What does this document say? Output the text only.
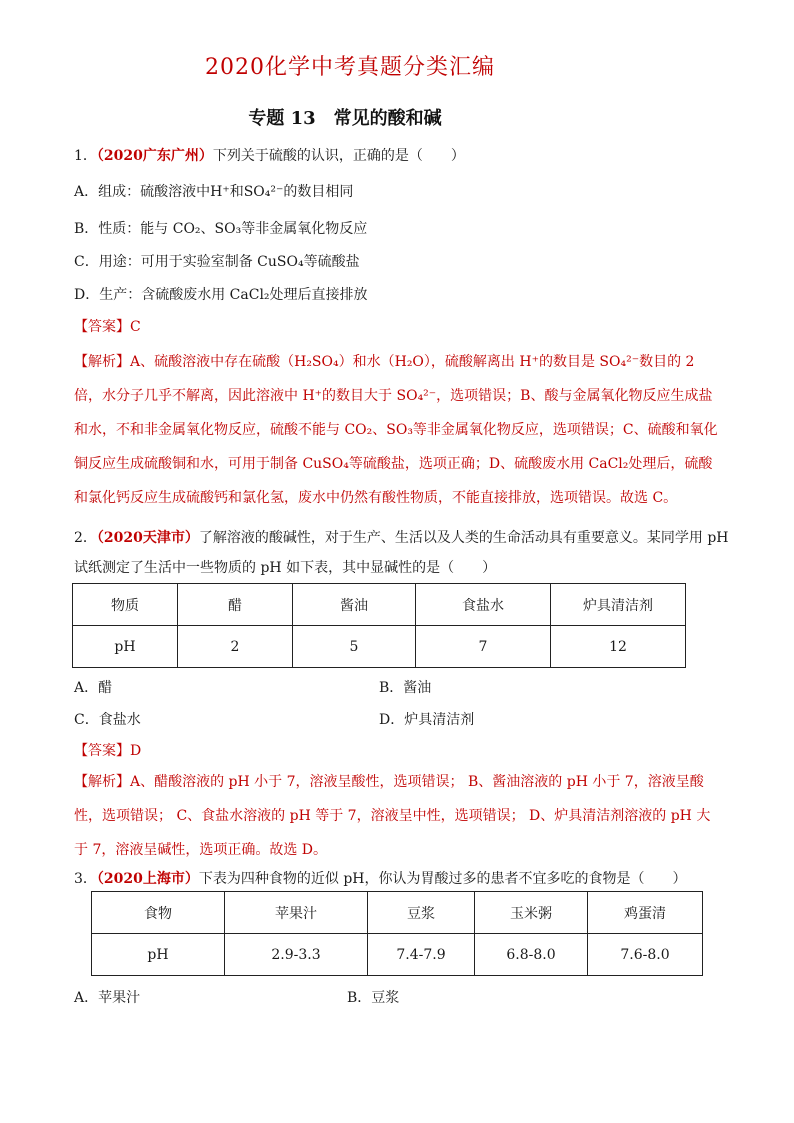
2020化学中考真题分类汇编
专题 13　常见的酸和碱
1．（2020广东广州）下列关于硫酸的认识，正确的是（　　）
A．组成：硫酸溶液中H⁺和SO₄²⁻的数目相同
B．性质：能与 CO₂、SO₃等非金属氧化物反应
C．用途：可用于实验室制备 CuSO₄等硫酸盐
D．生产：含硫酸废水用 CaCl₂处理后直接排放
【答案】C
【解析】A、硫酸溶液中存在硫酸（H₂SO₄）和水（H₂O），硫酸解离出 H⁺的数目是 SO₄²⁻数目的 2 倍，水分子几乎不解离，因此溶液中 H⁺的数目大于 SO₄²⁻，选项错误；B、酸与金属氧化物反应生成盐和水，不和非金属氧化物反应，硫酸不能与 CO₂、SO₃等非金属氧化物反应，选项错误；C、硫酸和氧化铜反应生成硫酸铜和水，可用于制备 CuSO₄等硫酸盐，选项正确；D、硫酸废水用 CaCl₂处理后，硫酸和氯化钙反应生成硫酸钙和氯化氢，废水中仍然有酸性物质，不能直接排放，选项错误。故选 C。
2．（2020天津市）了解溶液的酸碱性，对于生产、生活以及人类的生命活动具有重要意义。某同学用 pH
试纸测定了生活中一些物质的 pH 如下表，其中显碱性的是（　　）
物质	醋	酱油	食盐水	炉具清洁剂
pH	2	5	7	12
A．醋	B．酱油
C．食盐水	D．炉具清洁剂
【答案】D
【解析】A、醋酸溶液的 pH 小于 7，溶液呈酸性，选项错误； B、酱油溶液的 pH 小于 7，溶液呈酸性，选项错误； C、食盐水溶液的 pH 等于 7，溶液呈中性，选项错误； D、炉具清洁剂溶液的 pH 大于 7，溶液呈碱性，选项正确。故选 D。
3．（2020上海市）下表为四种食物的近似 pH，你认为胃酸过多的患者不宜多吃的食物是（　　）
食物	苹果汁	豆浆	玉米粥	鸡蛋清
pH	2.9-3.3	7.4-7.9	6.8-8.0	7.6-8.0
A．苹果汁	B．豆浆
